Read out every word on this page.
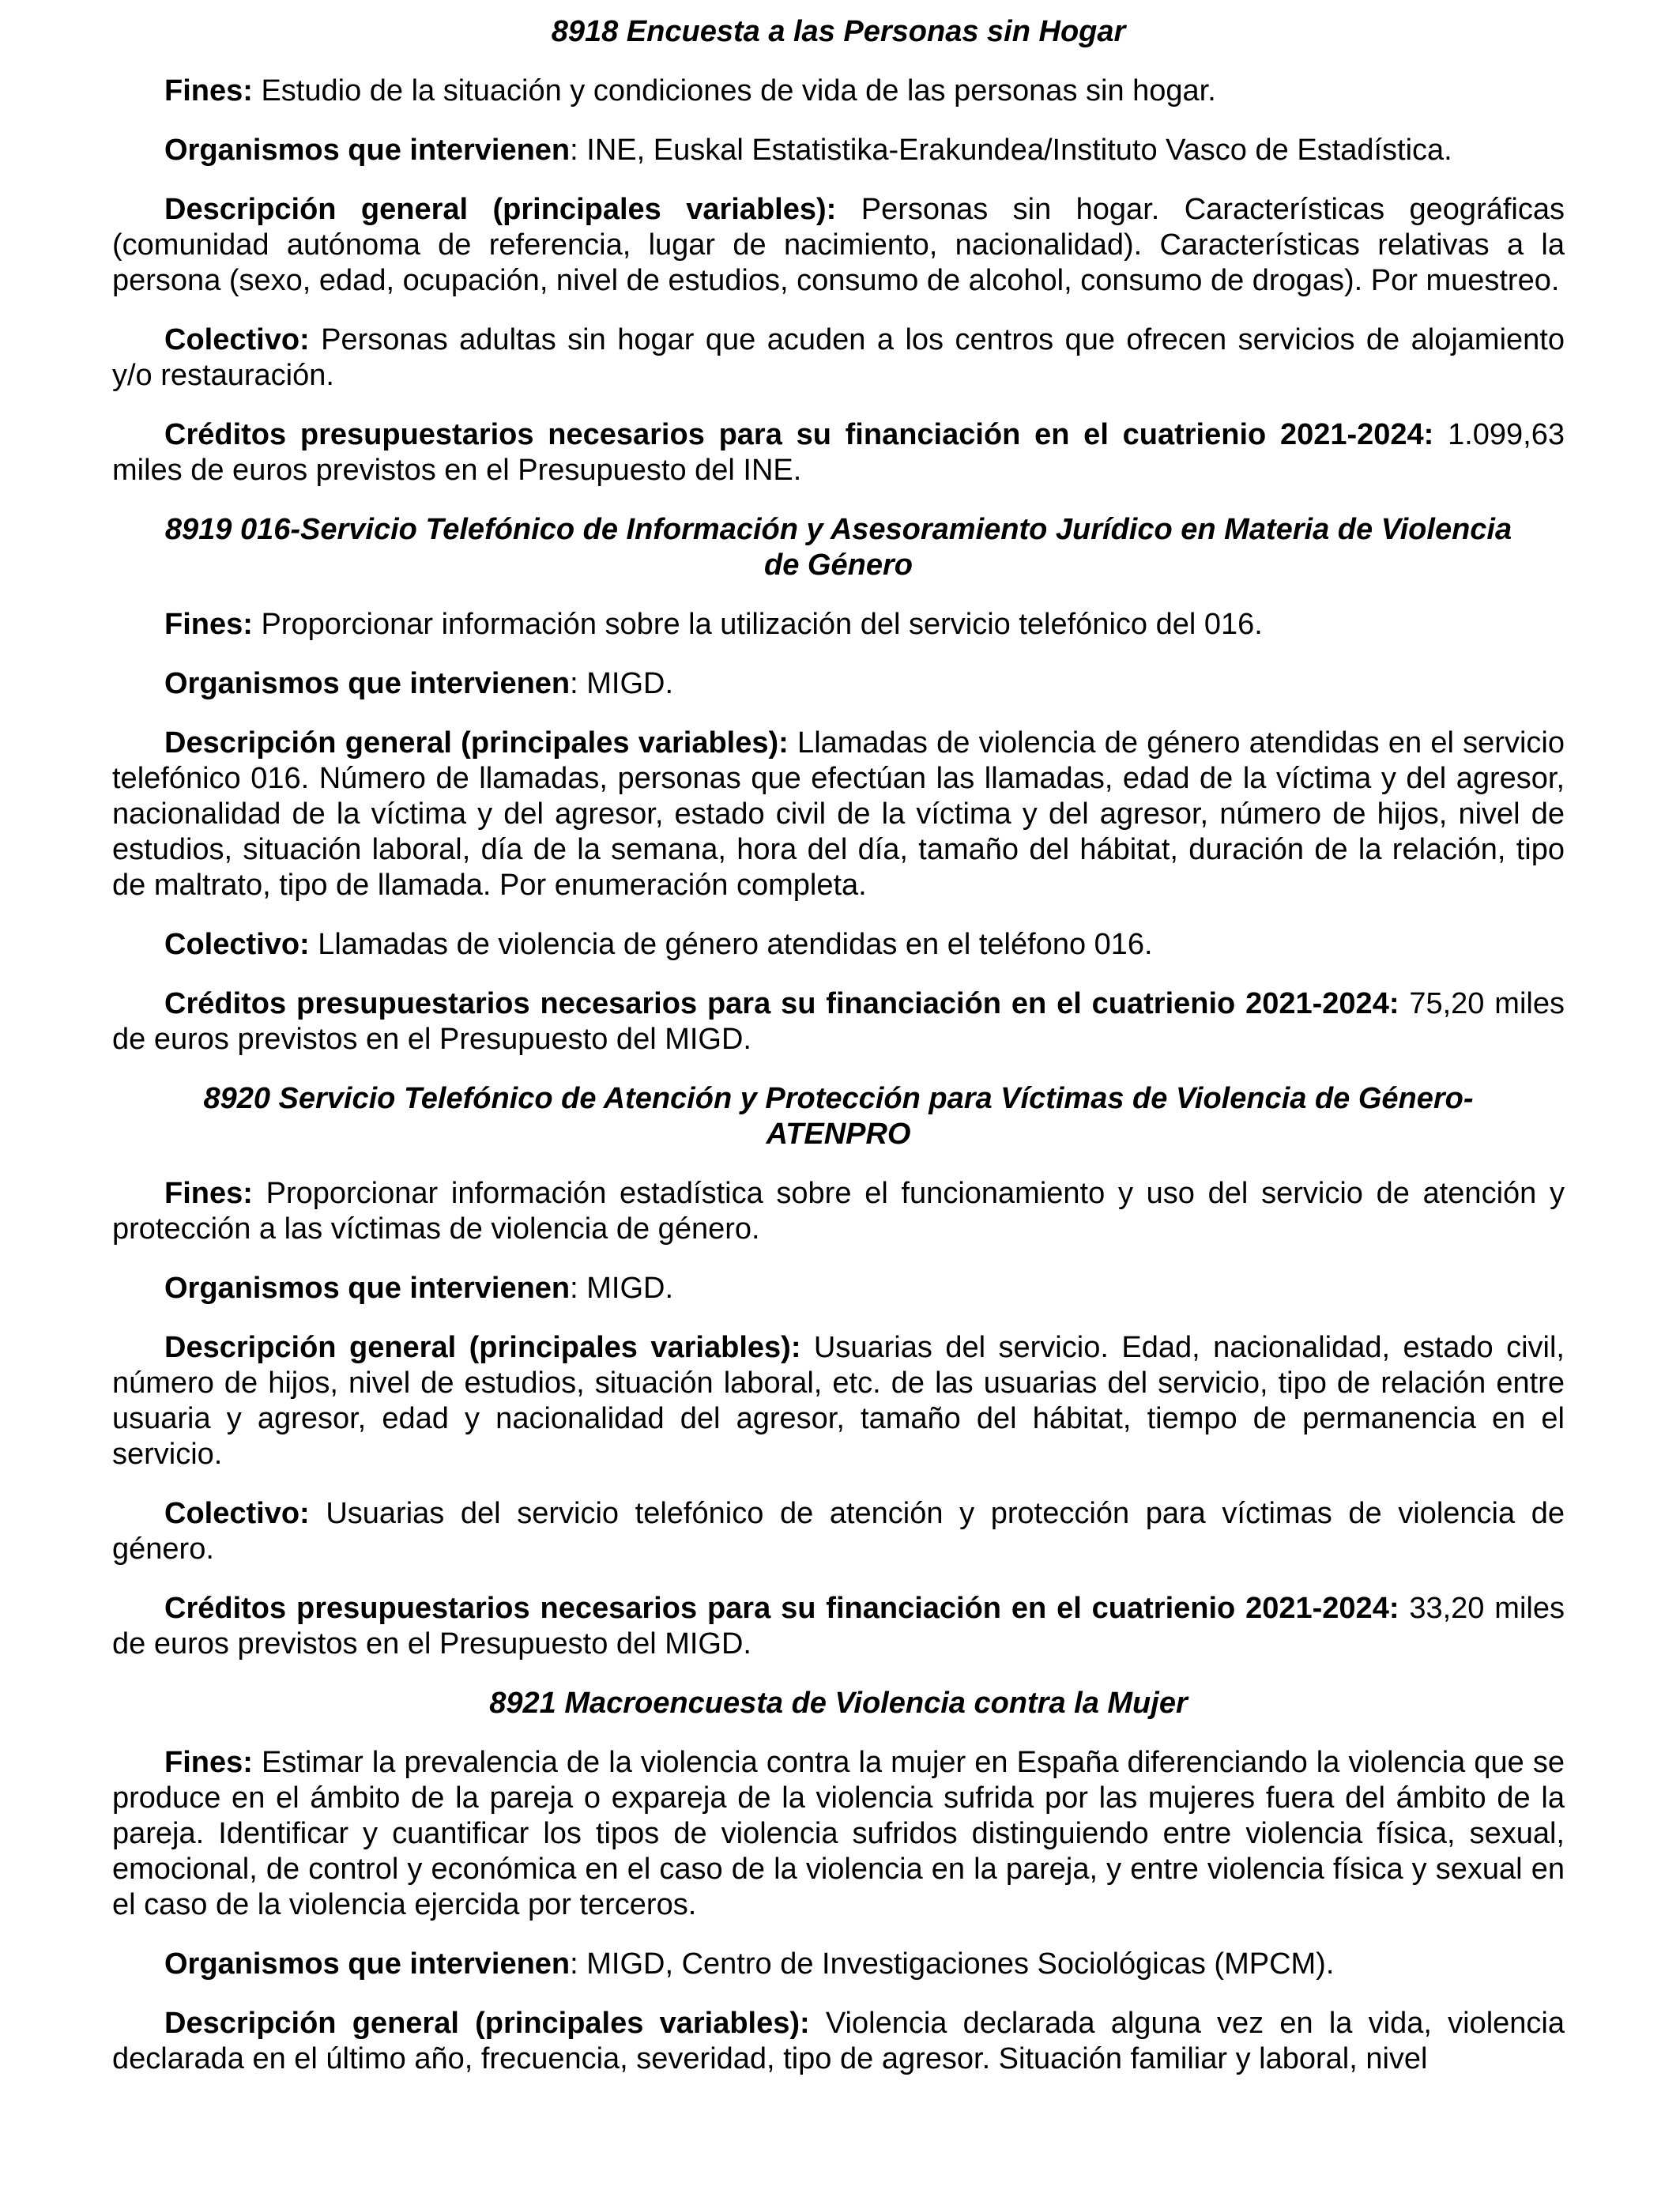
8918 Encuesta a las Personas sin Hogar

Fines: Estudio de la situación y condiciones de vida de las personas sin hogar.

Organismos que intervienen: INE, Euskal Estatistika-Erakundea/Instituto Vasco de Estadística.

Descripción general (principales variables): Personas sin hogar. Características geográficas (comunidad autónoma de referencia, lugar de nacimiento, nacionalidad). Características relativas a la persona (sexo, edad, ocupación, nivel de estudios, consumo de alcohol, consumo de drogas). Por muestreo.

Colectivo: Personas adultas sin hogar que acuden a los centros que ofrecen servicios de alojamiento y/o restauración.

Créditos presupuestarios necesarios para su financiación en el cuatrienio 2021-2024: 1.099,63 miles de euros previstos en el Presupuesto del INE.

8919 016-Servicio Telefónico de Información y Asesoramiento Jurídico en Materia de Violencia de Género

Fines: Proporcionar información sobre la utilización del servicio telefónico del 016.

Organismos que intervienen: MIGD.

Descripción general (principales variables): Llamadas de violencia de género atendidas en el servicio telefónico 016. Número de llamadas, personas que efectúan las llamadas, edad de la víctima y del agresor, nacionalidad de la víctima y del agresor, estado civil de la víctima y del agresor, número de hijos, nivel de estudios, situación laboral, día de la semana, hora del día, tamaño del hábitat, duración de la relación, tipo de maltrato, tipo de llamada. Por enumeración completa.

Colectivo: Llamadas de violencia de género atendidas en el teléfono 016.

Créditos presupuestarios necesarios para su financiación en el cuatrienio 2021-2024: 75,20 miles de euros previstos en el Presupuesto del MIGD.

8920 Servicio Telefónico de Atención y Protección para Víctimas de Violencia de Género-ATENPRO

Fines: Proporcionar información estadística sobre el funcionamiento y uso del servicio de atención y protección a las víctimas de violencia de género.

Organismos que intervienen: MIGD.

Descripción general (principales variables): Usuarias del servicio. Edad, nacionalidad, estado civil, número de hijos, nivel de estudios, situación laboral, etc. de las usuarias del servicio, tipo de relación entre usuaria y agresor, edad y nacionalidad del agresor, tamaño del hábitat, tiempo de permanencia en el servicio.

Colectivo: Usuarias del servicio telefónico de atención y protección para víctimas de violencia de género.

Créditos presupuestarios necesarios para su financiación en el cuatrienio 2021-2024: 33,20 miles de euros previstos en el Presupuesto del MIGD.

8921 Macroencuesta de Violencia contra la Mujer

Fines: Estimar la prevalencia de la violencia contra la mujer en España diferenciando la violencia que se produce en el ámbito de la pareja o expareja de la violencia sufrida por las mujeres fuera del ámbito de la pareja. Identificar y cuantificar los tipos de violencia sufridos distinguiendo entre violencia física, sexual, emocional, de control y económica en el caso de la violencia en la pareja, y entre violencia física y sexual en el caso de la violencia ejercida por terceros.

Organismos que intervienen: MIGD, Centro de Investigaciones Sociológicas (MPCM).

Descripción general (principales variables): Violencia declarada alguna vez en la vida, violencia declarada en el último año, frecuencia, severidad, tipo de agresor. Situación familiar y laboral, nivel
